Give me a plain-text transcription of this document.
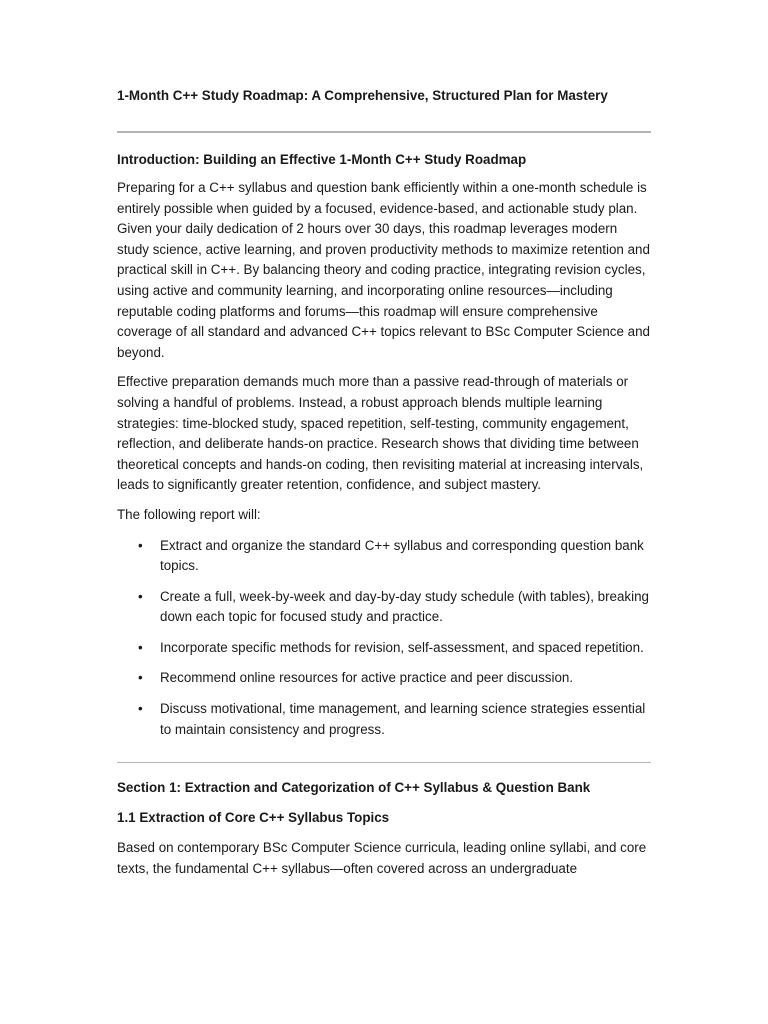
1-Month C++ Study Roadmap: A Comprehensive, Structured Plan for Mastery

Introduction: Building an Effective 1-Month C++ Study Roadmap

Preparing for a C++ syllabus and question bank efficiently within a one-month schedule is entirely possible when guided by a focused, evidence-based, and actionable study plan. Given your daily dedication of 2 hours over 30 days, this roadmap leverages modern study science, active learning, and proven productivity methods to maximize retention and practical skill in C++. By balancing theory and coding practice, integrating revision cycles, using active and community learning, and incorporating online resources—including reputable coding platforms and forums—this roadmap will ensure comprehensive coverage of all standard and advanced C++ topics relevant to BSc Computer Science and beyond.

Effective preparation demands much more than a passive read-through of materials or solving a handful of problems. Instead, a robust approach blends multiple learning strategies: time-blocked study, spaced repetition, self-testing, community engagement, reflection, and deliberate hands-on practice. Research shows that dividing time between theoretical concepts and hands-on coding, then revisiting material at increasing intervals, leads to significantly greater retention, confidence, and subject mastery.

The following report will:

• Extract and organize the standard C++ syllabus and corresponding question bank topics.
• Create a full, week-by-week and day-by-day study schedule (with tables), breaking down each topic for focused study and practice.
• Incorporate specific methods for revision, self-assessment, and spaced repetition.
• Recommend online resources for active practice and peer discussion.
• Discuss motivational, time management, and learning science strategies essential to maintain consistency and progress.

Section 1: Extraction and Categorization of C++ Syllabus & Question Bank

1.1 Extraction of Core C++ Syllabus Topics

Based on contemporary BSc Computer Science curricula, leading online syllabi, and core texts, the fundamental C++ syllabus—often covered across an undergraduate
